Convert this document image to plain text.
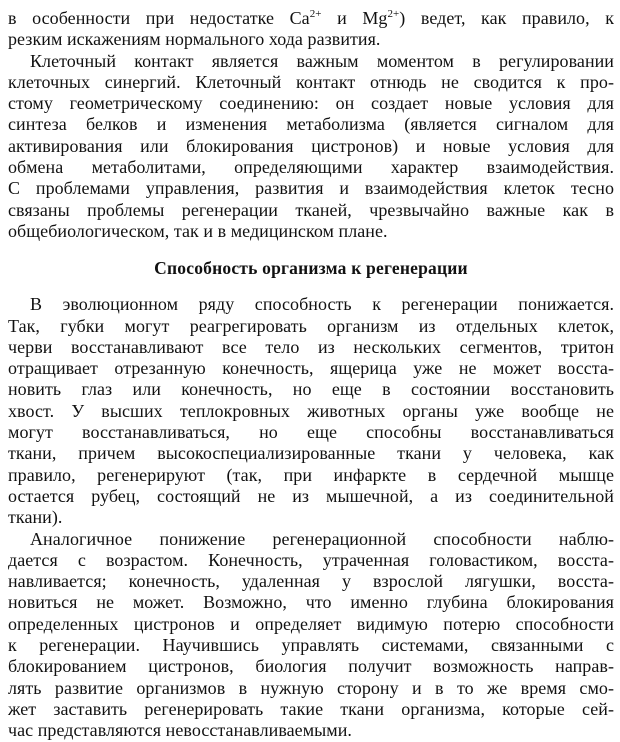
в особенности при недостатке $Ca^{2+}$ и $Mg^{2+}$) ведет, как правило, к
резким искажениям нормального хода развития.
Клеточный контакт является важным моментом в регулировании
клеточных синергий. Клеточный контакт отнюдь не сводится к про-
стому геометрическому соединению: он создает новые условия для
синтеза белков и изменения метаболизма (является сигналом для
активирования или блокирования цистронов) и новые условия для
обмена метаболитами, определяющими характер взаимодействия.
С проблемами управления, развития и взаимодействия клеток тесно
связаны проблемы регенерации тканей, чрезвычайно важные как в
общебиологическом, так и в медицинском плане.
Способность организма к регенерации
В эволюционном ряду способность к регенерации понижается.
Так, губки могут реагрегировать организм из отдельных клеток,
черви восстанавливают все тело из нескольких сегментов, тритон
отращивает отрезанную конечность, ящерица уже не может восста-
новить глаз или конечность, но еще в состоянии восстановить
хвост. У высших теплокровных животных органы уже вообще не
могут восстанавливаться, но еще способны восстанавливаться
ткани, причем высокоспециализированные ткани у человека, как
правило, регенерируют (так, при инфаркте в сердечной мышце
остается рубец, состоящий не из мышечной, а из соединительной
ткани).
Аналогичное понижение регенерационной способности наблю-
дается с возрастом. Конечность, утраченная головастиком, восста-
навливается; конечность, удаленная у взрослой лягушки, восста-
новиться не может. Возможно, что именно глубина блокирования
определенных цистронов и определяет видимую потерю способности
к регенерации. Научившись управлять системами, связанными с
блокированием цистронов, биология получит возможность направ-
лять развитие организмов в нужную сторону и в то же время смо-
жет заставить регенерировать такие ткани организма, которые сей-
час представляются невосстанавливаемыми.
